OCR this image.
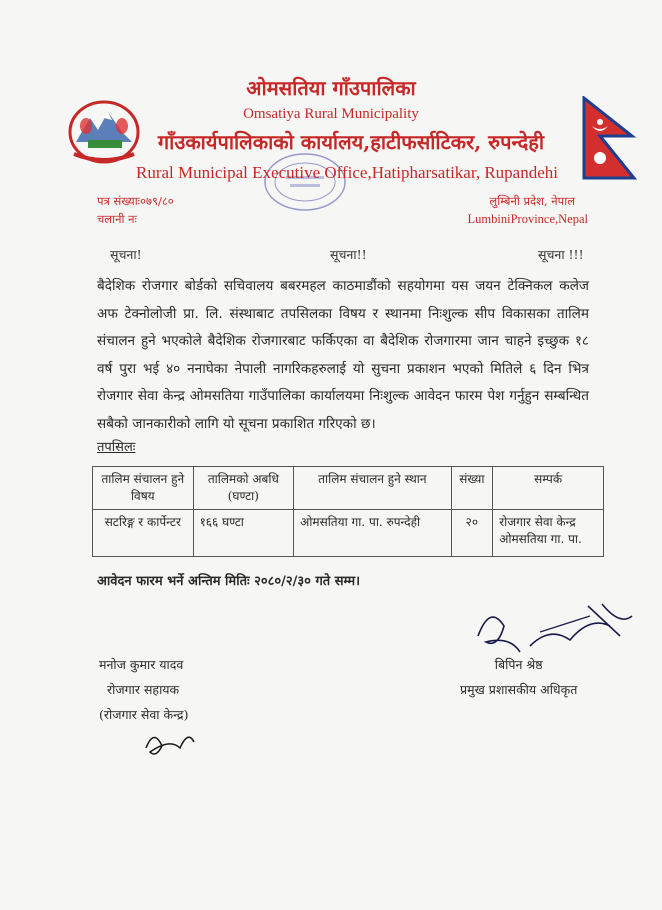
ओमसतिया गाँउपालिका
Omsatiya Rural Municipality
गाँउकार्यपालिकाको कार्यालय,हाटीफर्साटिकर, रुपन्देही
Rural Municipal Executive Office,Hatipharsatikar, Rupandehi
पत्र संख्याः०७९/८०
चलानी नः
लुम्बिनी प्रदेश, नेपाल
LumbiniProvince,Nepal
सूचना!	सूचना!!	सूचना !!!
बैदेशिक रोजगार बोर्डको सचिवालय बबरमहल काठमाडौंको सहयोगमा यस जयन टेक्निकल कलेज अफ टेक्नोलोजी प्रा. लि. संस्थाबाट तपसिलका विषय र स्थानमा निःशुल्क सीप विकासका तालिम संचालन हुने भएकोले बैदेशिक रोजगारबाट फर्किएका वा बैदेशिक रोजगारमा जान चाहने इच्छुक १८ वर्ष पुरा भई ४० ननाघेका नेपाली नागरिकहरुलाई यो सुचना प्रकाशन भएको मितिले ६ दिन भित्र रोजगार सेवा केन्द्र ओमसतिया गाउँपालिका कार्यालयमा निःशुल्क आवेदन फारम पेश गर्नुहुन सम्बन्धित सबैको जानकारीको लागि यो सूचना प्रकाशित गरिएको छ।
तपसिलः
तालिम संचालन हुने विषय	तालिमको अबधि (घण्टा)	तालिम संचालन हुने स्थान	संख्या	सम्पर्क
सटरिङ्ग र कार्पेन्टर	१६६ घण्टा	ओमसतिया गा. पा. रुपन्देही	२०	रोजगार सेवा केन्द्र ओमसतिया गा. पा.
आवेदन फारम भर्ने अन्तिम मितिः २०८०/२/३० गते सम्म।
मनोज कुमार यादव
रोजगार सहायक
(रोजगार सेवा केन्द्र)
बिपिन श्रेष्ठ
प्रमुख प्रशासकीय अधिकृत
